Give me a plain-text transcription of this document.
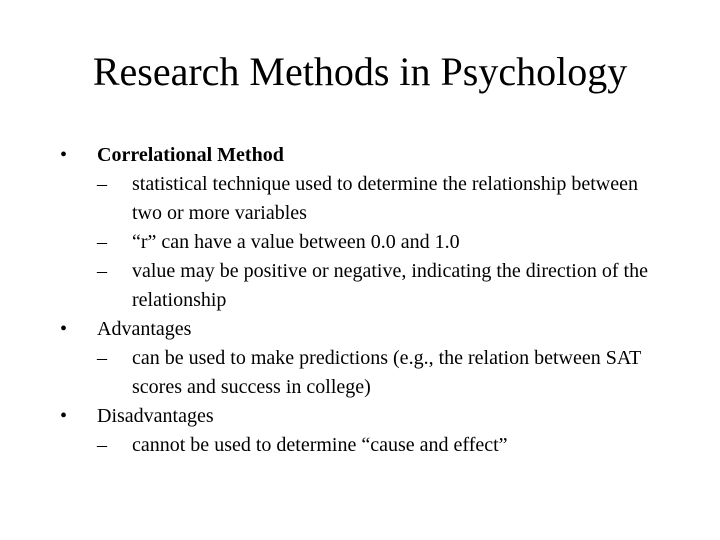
Research Methods in Psychology
• Correlational Method
– statistical technique used to determine the relationship between two or more variables
– “r” can have a value between 0.0 and 1.0
– value may be positive or negative, indicating the direction of the relationship
• Advantages
– can be used to make predictions (e.g., the relation between SAT scores and success in college)
• Disadvantages
– cannot be used to determine “cause and effect”
